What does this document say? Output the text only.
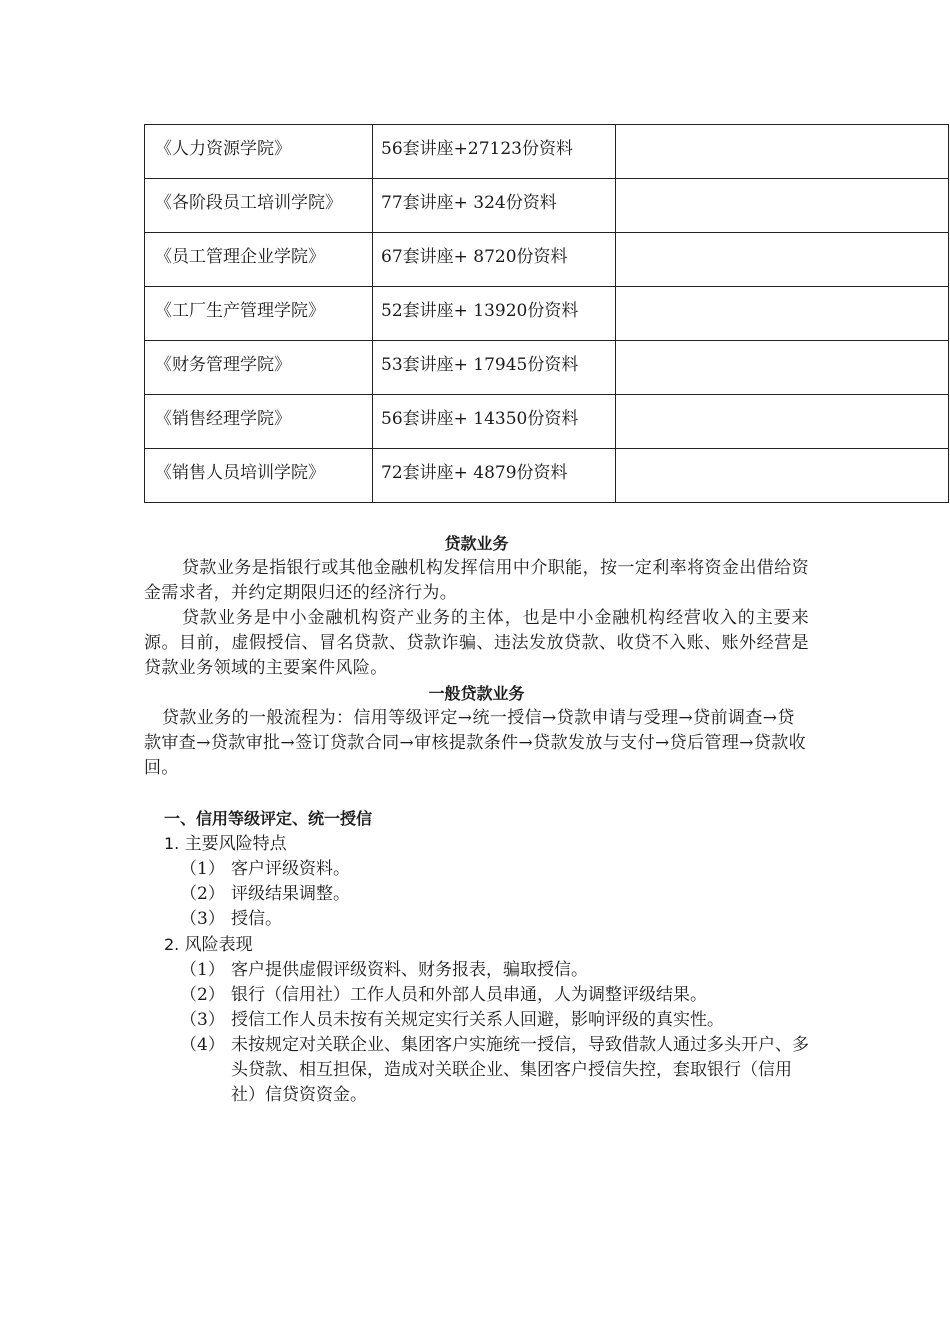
《人力资源学院》	56套讲座+27123份资料	
《各阶段员工培训学院》	77套讲座+ 324份资料	
《员工管理企业学院》	67套讲座+ 8720份资料	
《工厂生产管理学院》	52套讲座+ 13920份资料	
《财务管理学院》	53套讲座+ 17945份资料	
《销售经理学院》	56套讲座+ 14350份资料	
《销售人员培训学院》	72套讲座+ 4879份资料	
贷款业务
贷款业务是指银行或其他金融机构发挥信用中介职能，按一定利率将资金出借给资金需求者，并约定期限归还的经济行为。
贷款业务是中小金融机构资产业务的主体，也是中小金融机构经营收入的主要来源。目前，虚假授信、冒名贷款、贷款诈骗、违法发放贷款、收贷不入账、账外经营是贷款业务领域的主要案件风险。
一般贷款业务
贷款业务的一般流程为：信用等级评定→统一授信→贷款申请与受理→贷前调查→贷款审查→贷款审批→签订贷款合同→审核提款条件→贷款发放与支付→贷后管理→贷款收回。
一、信用等级评定、统一授信
1. 主要风险特点
（1） 客户评级资料。
（2） 评级结果调整。
（3） 授信。
2. 风险表现
（1） 客户提供虚假评级资料、财务报表，骗取授信。
（2） 银行（信用社）工作人员和外部人员串通，人为调整评级结果。
（3） 授信工作人员未按有关规定实行关系人回避，影响评级的真实性。
（4） 未按规定对关联企业、集团客户实施统一授信，导致借款人通过多头开户、多头贷款、相互担保，造成对关联企业、集团客户授信失控，套取银行（信用社）信贷资资金。
